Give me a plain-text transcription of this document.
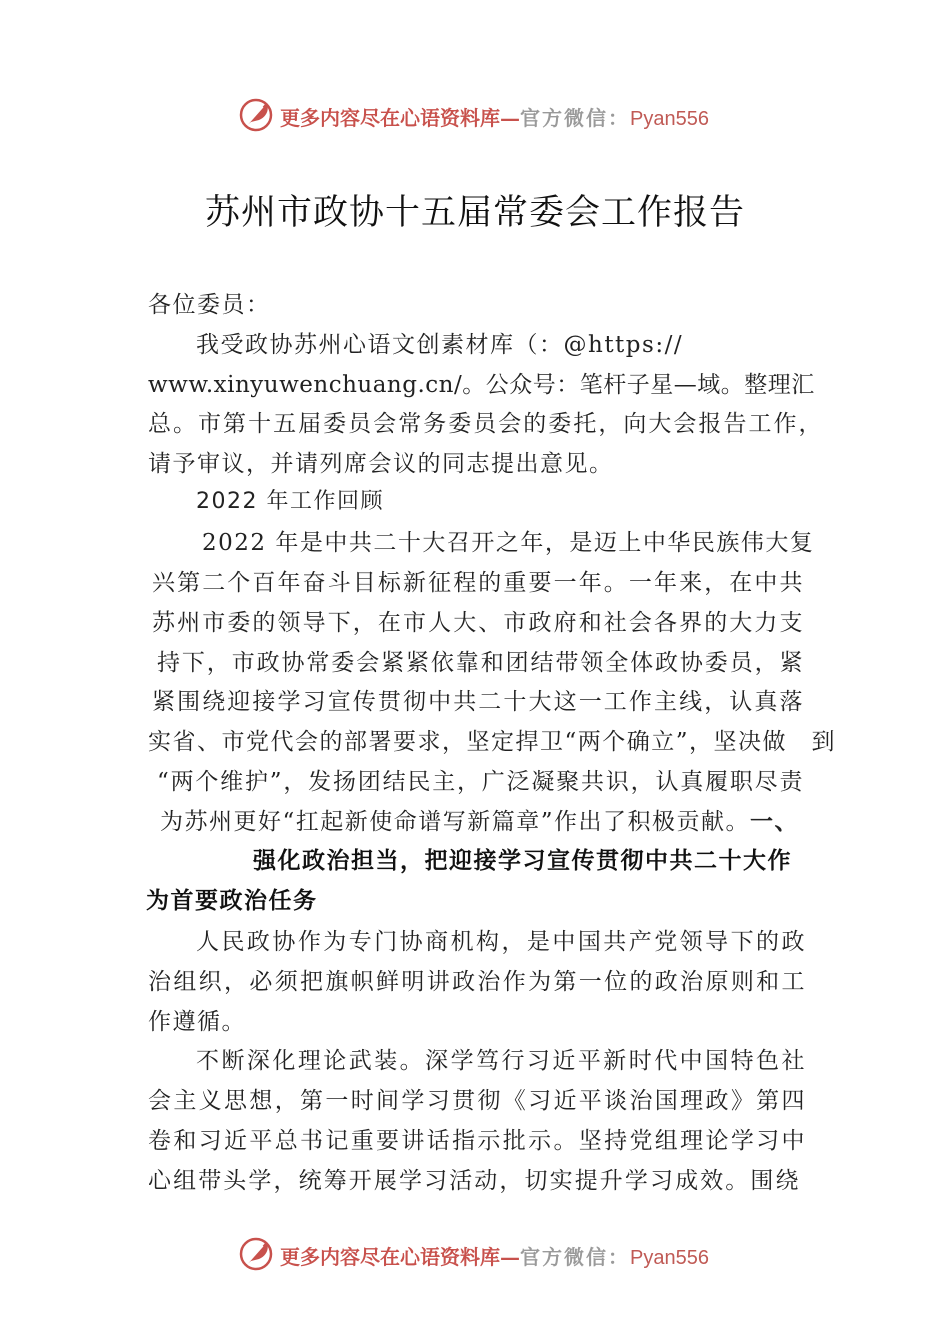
更多内容尽在心语资料库—官方微信：Pyan556
苏州市政协十五届常委会工作报告
各位委员：
我受政协苏州心语文创素材库（：@https://
www.xinyuwenchuang.cn/。公众号：笔杆子星—域。整理汇
总。市第十五届委员会常务委员会的委托，向大会报告工作，
请予审议，并请列席会议的同志提出意见。
2022 年工作回顾
2022 年是中共二十大召开之年，是迈上中华民族伟大复
兴第二个百年奋斗目标新征程的重要一年。一年来，在中共
苏州市委的领导下，在市人大、市政府和社会各界的大力支
持下，市政协常委会紧紧依靠和团结带领全体政协委员，紧
紧围绕迎接学习宣传贯彻中共二十大这一工作主线，认真落
实省、市党代会的部署要求，坚定捍卫“两个确立”，坚决做　到
“两个维护”，发扬团结民主，广泛凝聚共识，认真履职尽责
为苏州更好“扛起新使命谱写新篇章”作出了积极贡献。一、
强化政治担当，把迎接学习宣传贯彻中共二十大作
为首要政治任务
人民政协作为专门协商机构，是中国共产党领导下的政
治组织，必须把旗帜鲜明讲政治作为第一位的政治原则和工
作遵循。
不断深化理论武装。深学笃行习近平新时代中国特色社
会主义思想，第一时间学习贯彻《习近平谈治国理政》第四
卷和习近平总书记重要讲话指示批示。坚持党组理论学习中
心组带头学，统筹开展学习活动，切实提升学习成效。围绕
更多内容尽在心语资料库—官方微信：Pyan556
